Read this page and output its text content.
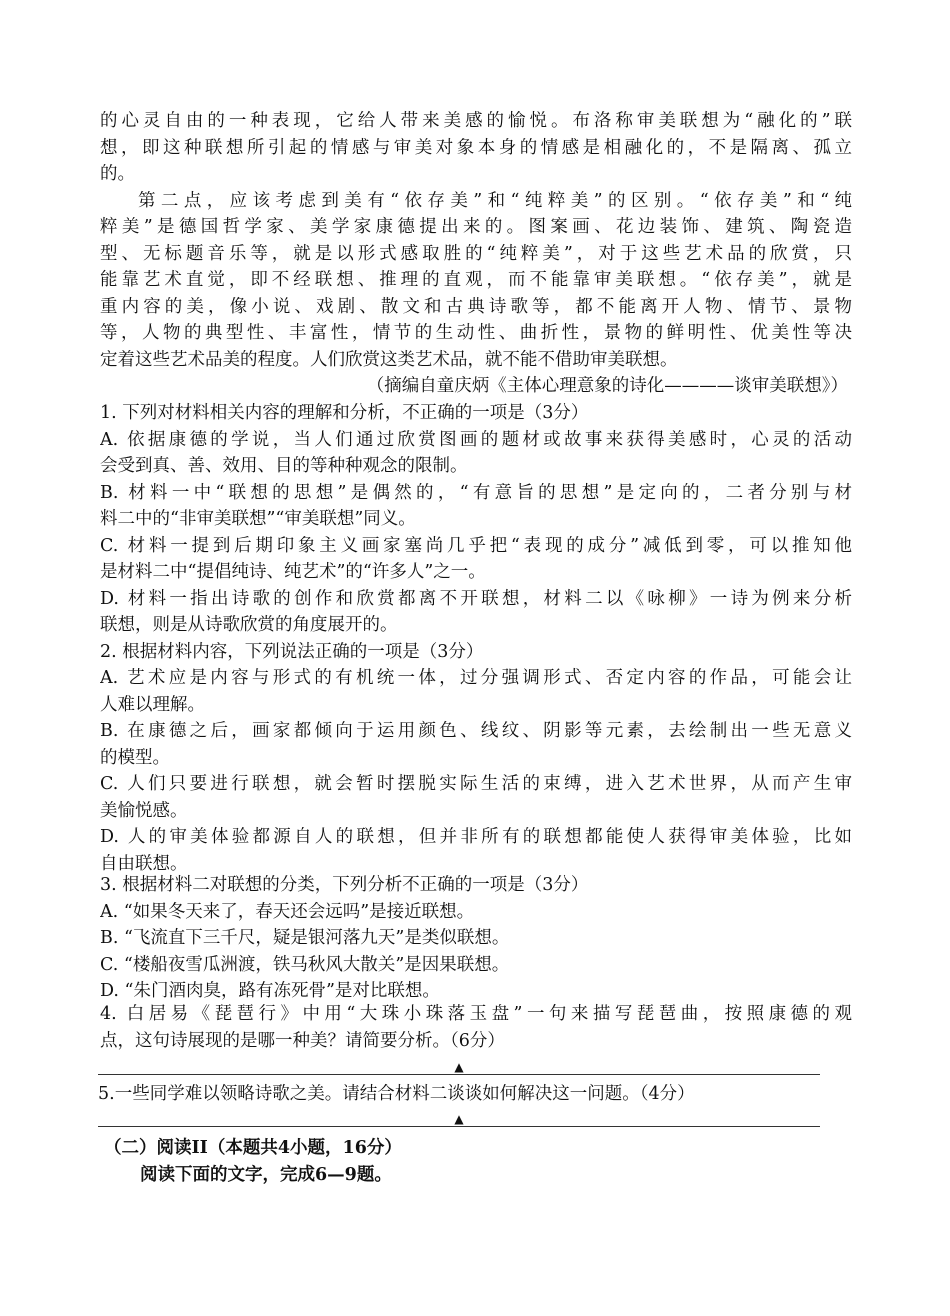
的心灵自由的一种表现，它给人带来美感的愉悦。布洛称审美联想为“融化的”联
想，即这种联想所引起的情感与审美对象本身的情感是相融化的，不是隔离、孤立
的。
第二点，应该考虑到美有“依存美”和“纯粹美”的区别。“依存美”和“纯
粹美”是德国哲学家、美学家康德提出来的。图案画、花边装饰、建筑、陶瓷造
型、无标题音乐等，就是以形式感取胜的“纯粹美”，对于这些艺术品的欣赏，只
能靠艺术直觉，即不经联想、推理的直观，而不能靠审美联想。“依存美”，就是
重内容的美，像小说、戏剧、散文和古典诗歌等，都不能离开人物、情节、景物
等，人物的典型性、丰富性，情节的生动性、曲折性，景物的鲜明性、优美性等决
定着这些艺术品美的程度。人们欣赏这类艺术品，就不能不借助审美联想。
（摘编自童庆炳《主体心理意象的诗化————谈审美联想》）
1. 下列对材料相关内容的理解和分析，不正确的一项是（3分）
A. 依据康德的学说，当人们通过欣赏图画的题材或故事来获得美感时，心灵的活动
会受到真、善、效用、目的等种种观念的限制。
B. 材料一中“联想的思想”是偶然的，“有意旨的思想”是定向的，二者分别与材
料二中的“非审美联想”“审美联想”同义。
C. 材料一提到后期印象主义画家塞尚几乎把“表现的成分”减低到零，可以推知他
是材料二中“提倡纯诗、纯艺术”的“许多人”之一。
D. 材料一指出诗歌的创作和欣赏都离不开联想，材料二以《咏柳》一诗为例来分析
联想，则是从诗歌欣赏的角度展开的。
2. 根据材料内容，下列说法正确的一项是（3分）
A. 艺术应是内容与形式的有机统一体，过分强调形式、否定内容的作品，可能会让
人难以理解。
B. 在康德之后，画家都倾向于运用颜色、线纹、阴影等元素，去绘制出一些无意义
的模型。
C. 人们只要进行联想，就会暂时摆脱实际生活的束缚，进入艺术世界，从而产生审
美愉悦感。
D. 人的审美体验都源自人的联想，但并非所有的联想都能使人获得审美体验，比如
自由联想。
3. 根据材料二对联想的分类，下列分析不正确的一项是（3分）
A. “如果冬天来了，春天还会远吗”是接近联想。
B. “飞流直下三千尺，疑是银河落九天”是类似联想。
C. “楼船夜雪瓜洲渡，铁马秋风大散关”是因果联想。
D. “朱门酒肉臭，路有冻死骨”是对比联想。
4. 白居易《琵琶行》中用“大珠小珠落玉盘”一句来描写琵琶曲，按照康德的观
点，这句诗展现的是哪一种美？请简要分析。（6分）
▲
5.一些同学难以领略诗歌之美。请结合材料二谈谈如何解决这一问题。（4分）
▲
（二）阅读II（本题共4小题，16分）
阅读下面的文字，完成6—9题。
